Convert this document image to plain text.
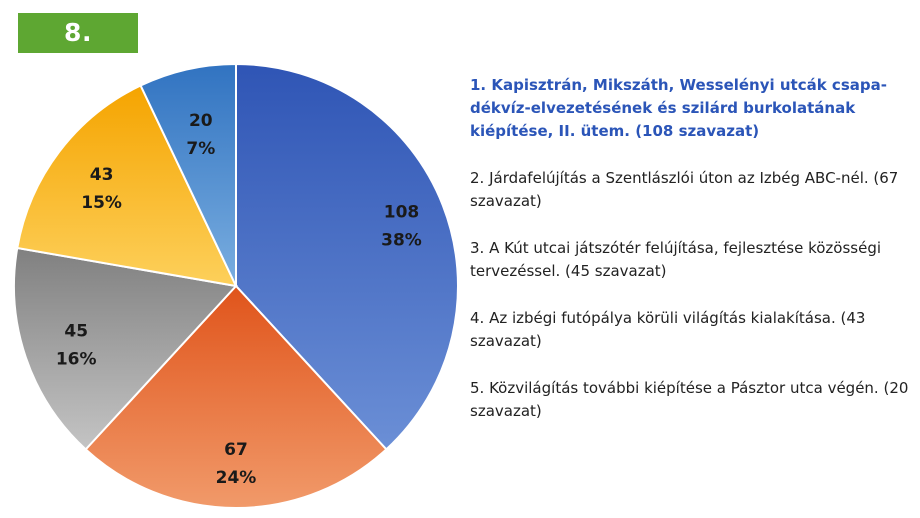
8. IZBÉG
108
38%
67
24%
45
16%
43
15%
20
7%
1. Kapisztrán, Mikszáth, Wesselényi utcák csapa-dékvíz-elvezetésének és szilárd burkolatának kiépítése, II. ütem. (108 szavazat)
2. Járdafelújítás a Szentlászlói úton az Izbég ABC-nél. (67 szavazat)
3. A Kút utcai játszótér felújítása, fejlesztése közösségi tervezéssel. (45 szavazat)
4. Az izbégi futópálya körüli világítás kialakítása. (43 szavazat)
5. Közvilágítás további kiépítése a Pásztor utca végén. (20 szavazat)
